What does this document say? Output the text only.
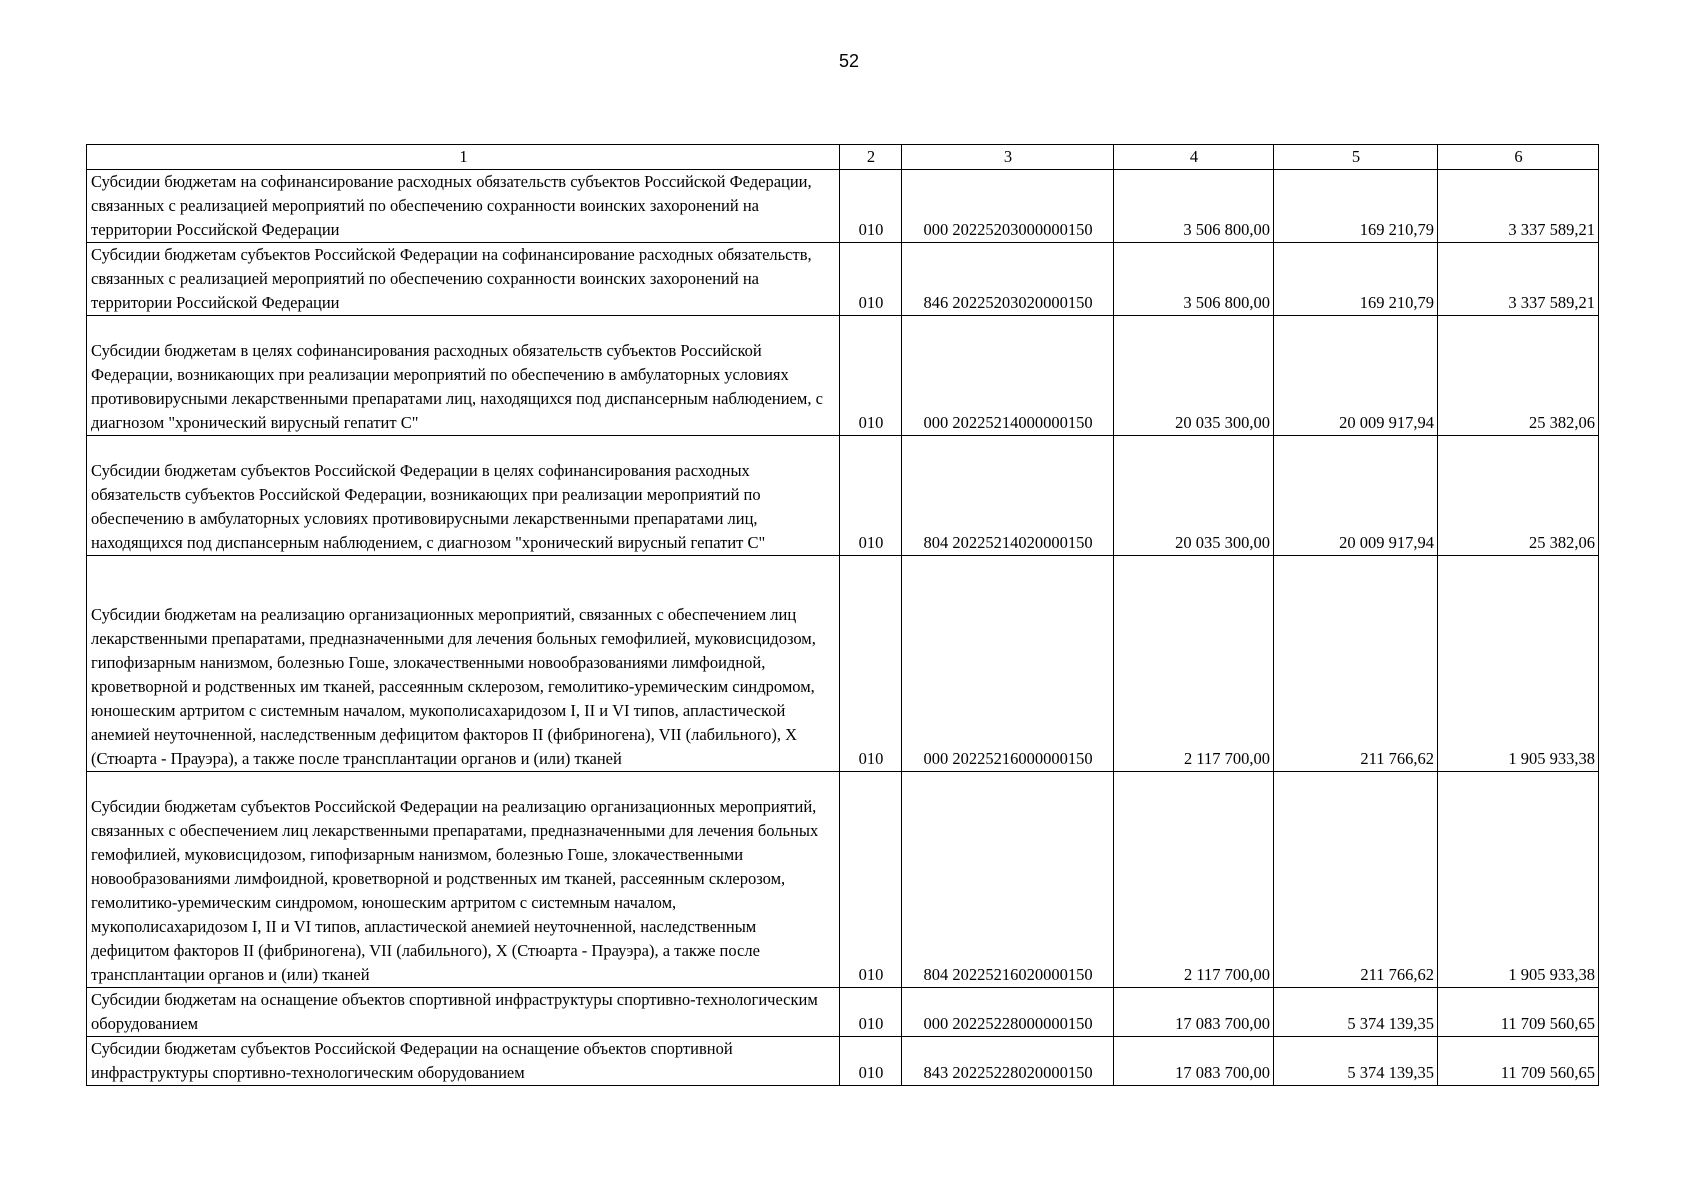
52
1	2	3	4	5	6
Субсидии бюджетам на софинансирование расходных обязательств субъектов Российской Федерации, связанных с реализацией мероприятий по обеспечению сохранности воинских захоронений на территории Российской Федерации	010	000 20225203000000150	3 506 800,00	169 210,79	3 337 589,21
Субсидии бюджетам субъектов Российской Федерации на софинансирование расходных обязательств, связанных с реализацией мероприятий по обеспечению сохранности воинских захоронений на территории Российской Федерации	010	846 20225203020000150	3 506 800,00	169 210,79	3 337 589,21
Субсидии бюджетам в целях софинансирования расходных обязательств субъектов Российской Федерации, возникающих при реализации мероприятий по обеспечению в амбулаторных условиях противовирусными лекарственными препаратами лиц, находящихся под диспансерным наблюдением, с диагнозом "хронический вирусный гепатит С"	010	000 20225214000000150	20 035 300,00	20 009 917,94	25 382,06
Субсидии бюджетам субъектов Российской Федерации в целях софинансирования расходных обязательств субъектов Российской Федерации, возникающих при реализации мероприятий по обеспечению в амбулаторных условиях противовирусными лекарственными препаратами лиц, находящихся под диспансерным наблюдением, с диагнозом "хронический вирусный гепатит С"	010	804 20225214020000150	20 035 300,00	20 009 917,94	25 382,06
Субсидии бюджетам на реализацию организационных мероприятий, связанных с обеспечением лиц лекарственными препаратами, предназначенными для лечения больных гемофилией, муковисцидозом, гипофизарным нанизмом, болезнью Гоше, злокачественными новообразованиями лимфоидной, кроветворной и родственных им тканей, рассеянным склерозом, гемолитико-уремическим синдромом, юношеским артритом с системным началом, мукополисахаридозом I, II и VI типов, апластической анемией неуточненной, наследственным дефицитом факторов II (фибриногена), VII (лабильного), X (Стюарта - Прауэра), а также после трансплантации органов и (или) тканей	010	000 20225216000000150	2 117 700,00	211 766,62	1 905 933,38
Субсидии бюджетам субъектов Российской Федерации на реализацию организационных мероприятий, связанных с обеспечением лиц лекарственными препаратами, предназначенными для лечения больных гемофилией, муковисцидозом, гипофизарным нанизмом, болезнью Гоше, злокачественными новообразованиями лимфоидной, кроветворной и родственных им тканей, рассеянным склерозом, гемолитико-уремическим синдромом, юношеским артритом с системным началом, мукополисахаридозом I, II и VI типов, апластической анемией неуточненной, наследственным дефицитом факторов II (фибриногена), VII (лабильного), X (Стюарта - Прауэра), а также после трансплантации органов и (или) тканей	010	804 20225216020000150	2 117 700,00	211 766,62	1 905 933,38
Субсидии бюджетам на оснащение объектов спортивной инфраструктуры спортивно-технологическим оборудованием	010	000 20225228000000150	17 083 700,00	5 374 139,35	11 709 560,65
Субсидии бюджетам субъектов Российской Федерации на оснащение объектов спортивной инфраструктуры спортивно-технологическим оборудованием	010	843 20225228020000150	17 083 700,00	5 374 139,35	11 709 560,65
